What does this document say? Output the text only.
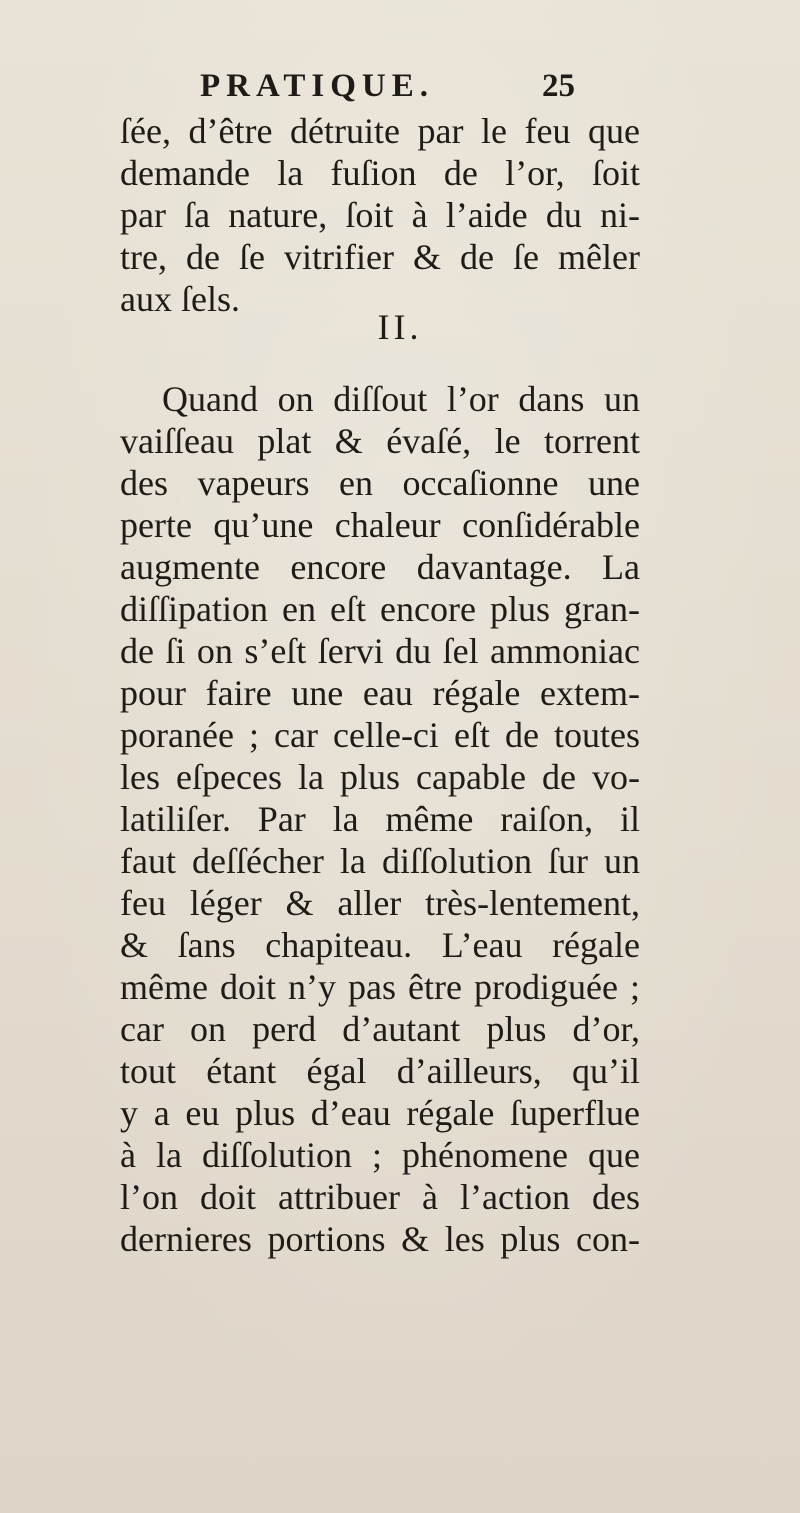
PRATIQUE.	25
ſée, d’être détruite par le feu que
demande la fuſion de l’or, ſoit
par ſa nature, ſoit à l’aide du ni-
tre, de ſe vitrifier & de ſe mêler
aux ſels.
II.
Quand on diſſout l’or dans un
vaiſſeau plat & évaſé, le torrent
des vapeurs en occaſionne une
perte qu’une chaleur conſidérable
augmente encore davantage. La
diſſipation en eſt encore plus gran-
de ſi on s’eſt ſervi du ſel ammoniac
pour faire une eau régale extem-
poranée ; car celle-ci eſt de toutes
les eſpeces la plus capable de vo-
latiliſer. Par la même raiſon, il
faut deſſécher la diſſolution ſur un
feu léger & aller très-lentement,
& ſans chapiteau. L’eau régale
même doit n’y pas être prodiguée ;
car on perd d’autant plus d’or,
tout étant égal d’ailleurs, qu’il
y a eu plus d’eau régale ſuperflue
à la diſſolution ; phénomene que
l’on doit attribuer à l’action des
dernieres portions & les plus con-
